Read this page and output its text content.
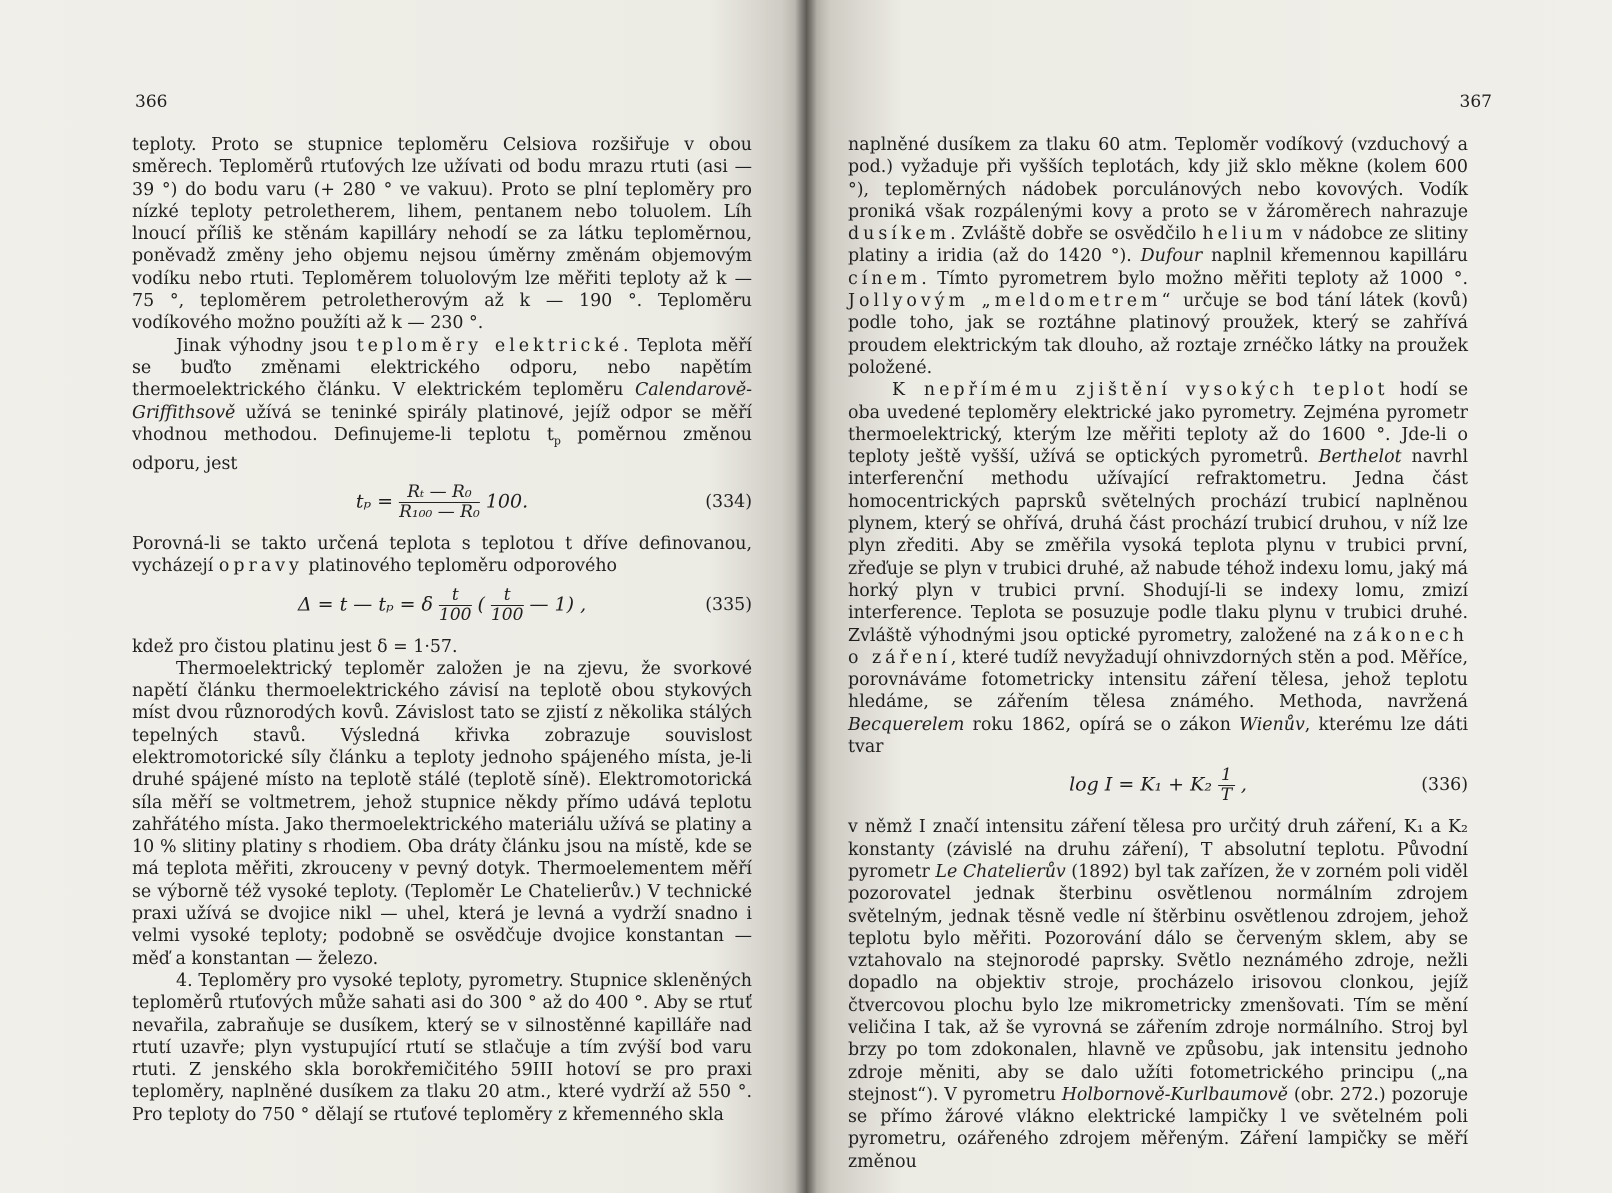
366

teploty. Proto se stupnice teploměru Celsiova rozšiřuje v obou směrech. Teploměrů rtuťových lze užívati od bodu mrazu rtuti (asi — 39 °) do bodu varu (+ 280 ° ve vakuu). Proto se plní teploměry pro nízké teploty petroletherem, lihem, pentanem nebo toluolem. Líh lnoucí příliš ke stěnám kapilláry nehodí se za látku teploměrnou, poněvadž změny jeho objemu nejsou úměrny změnám objemovým vodíku nebo rtuti. Teploměrem toluolovým lze měřiti teploty až k — 75 °, teploměrem petroletherovým až k — 190 °. Teploměru vodíkového možno použíti až k — 230 °.

Jinak výhodny jsou teploměry elektrické. Teplota měří se buďto změnami elektrického odporu, nebo napětím thermoelektrického článku. V elektrickém teploměru Calendarově-Griffithsově užívá se teninké spirály platinové, jejíž odpor se měří vhodnou methodou. Definujeme-li teplotu $t_p$ poměrnou změnou odporu, jest

$t_p = \frac{\text{Rₜ — R₀}}{\text{R₁₀₀ — R₀}} 100$.	(334)

Porovná-li se takto určená teplota s teplotou t dříve definovanou, vycházejí opravy platinového teploměru odporového

Δ = t — tₚ = δ $\frac{t}{100}$ ( $\frac{t}{100}$ — 1) ,	(335)

kdež pro čistou platinu jest δ = 1·57.

Thermoelektrický teploměr založen je na zjevu, že svorkové napětí článku thermoelektrického závisí na teplotě obou stykových míst dvou různorodých kovů. Závislost tato se zjistí z několika stálých tepelných stavů. Výsledná křivka zobrazuje souvislost elektromotorické síly článku a teploty jednoho spájeného místa, je-li druhé spájené místo na teplotě stálé (teplotě síně). Elektromotorická síla měří se voltmetrem, jehož stupnice někdy přímo udává teplotu zahřátého místa. Jako thermoelektrického materiálu užívá se platiny a 10 % slitiny platiny s rhodiem. Oba dráty článku jsou na místě, kde se má teplota měřiti, zkrouceny v pevný dotyk. Thermoelementem měří se výborně též vysoké teploty. (Teploměr Le Chatelierův.) V technické praxi užívá se dvojice nikl — uhel, která je levná a vydrží snadno i velmi vysoké teploty; podobně se osvědčuje dvojice konstantan — měď a konstantan — železo.

4. Teploměry pro vysoké teploty, pyrometry. Stupnice skleněných teploměrů rtuťových může sahati asi do 300 ° až do 400 °. Aby se rtuť nevařila, zabraňuje se dusíkem, který se v silnostěnné kapilláře nad rtutí uzavře; plyn vystupující rtutí se stlačuje a tím zvýší bod varu rtuti. Z jenského skla borokřemičitého 59III hotoví se pro praxi teploměry, naplněné dusíkem za tlaku 20 atm., které vydrží až 550 °. Pro teploty do 750 ° dělají se rtuťové teploměry z křemenného skla

367

naplněné dusíkem za tlaku 60 atm. Teploměr vodíkový (vzduchový a pod.) vyžaduje při vyšších teplotách, kdy již sklo měkne (kolem 600 °), teploměrných nádobek porculánových nebo kovových. Vodík proniká však rozpálenými kovy a proto se v žároměrech nahrazuje dusíkem. Zvláště dobře se osvědčilo helium v nádobce ze slitiny platiny a iridia (až do 1420 °). Dufour naplnil křemennou kapilláru cínem. Tímto pyrometrem bylo možno měřiti teploty až 1000 °. Jollyovým „meldometrem“ určuje se bod tání látek (kovů) podle toho, jak se roztáhne platinový proužek, který se zahřívá proudem elektrickým tak dlouho, až roztaje zrnéčko látky na proužek položené.

K nepřímému zjištění vysokých teplot hodí se oba uvedené teploměry elektrické jako pyrometry. Zejména pyrometr thermoelektrický, kterým lze měřiti teploty až do 1600 °. Jde-li o teploty ještě vyšší, užívá se optických pyrometrů. Berthelot navrhl interferenční methodu užívající refraktometru. Jedna část homocentrických paprsků světelných prochází trubicí naplněnou plynem, který se ohřívá, druhá část prochází trubicí druhou, v níž lze plyn zřediti. Aby se změřila vysoká teplota plynu v trubici první, zřeďuje se plyn v trubici druhé, až nabude téhož indexu lomu, jaký má horký plyn v trubici první. Shodují-li se indexy lomu, zmizí interference. Teplota se posuzuje podle tlaku plynu v trubici druhé. Zvláště výhodnými jsou optické pyrometry, založené na zákonech o záření, které tudíž nevyžadují ohnivzdorných stěn a pod. Měříce, porovnáváme fotometricky intensitu záření tělesa, jehož teplotu hledáme, se zářením tělesa známého. Methoda, navržená Becquerelem roku 1862, opírá se o zákon Wienův, kterému lze dáti tvar

$\log I = K_1 + K_2 \frac{1}{T}$ ,	(336)

v němž I značí intensitu záření tělesa pro určitý druh záření, K₁ a K₂ konstanty (závislé na druhu záření), T absolutní teplotu. Původní pyrometr Le Chatelierův (1892) byl tak zařízen, že v zorném poli viděl pozorovatel jednak šterbinu osvětlenou normálním zdrojem světelným, jednak těsně vedle ní štěrbinu osvětlenou zdrojem, jehož teplotu bylo měřiti. Pozorování dálo se červeným sklem, aby se vztahovalo na stejnorodé paprsky. Světlo neznámého zdroje, nežli dopadlo na objektiv stroje, procházelo irisovou clonkou, jejíž čtvercovou plochu bylo lze mikrometricky zmenšovati. Tím se mění veličina I tak, až še vyrovná se zářením zdroje normálního. Stroj byl brzy po tom zdokonalen, hlavně ve způsobu, jak intensitu jednoho zdroje měniti, aby se dalo užíti fotometrického principu („na stejnost“). V pyrometru Holbornově-Kurlbaumově (obr. 272.) pozoruje se přímo žárové vlákno elektrické lampičky l ve světelném poli pyrometru, ozářeného zdrojem měřeným. Záření lampičky se měří změnou
